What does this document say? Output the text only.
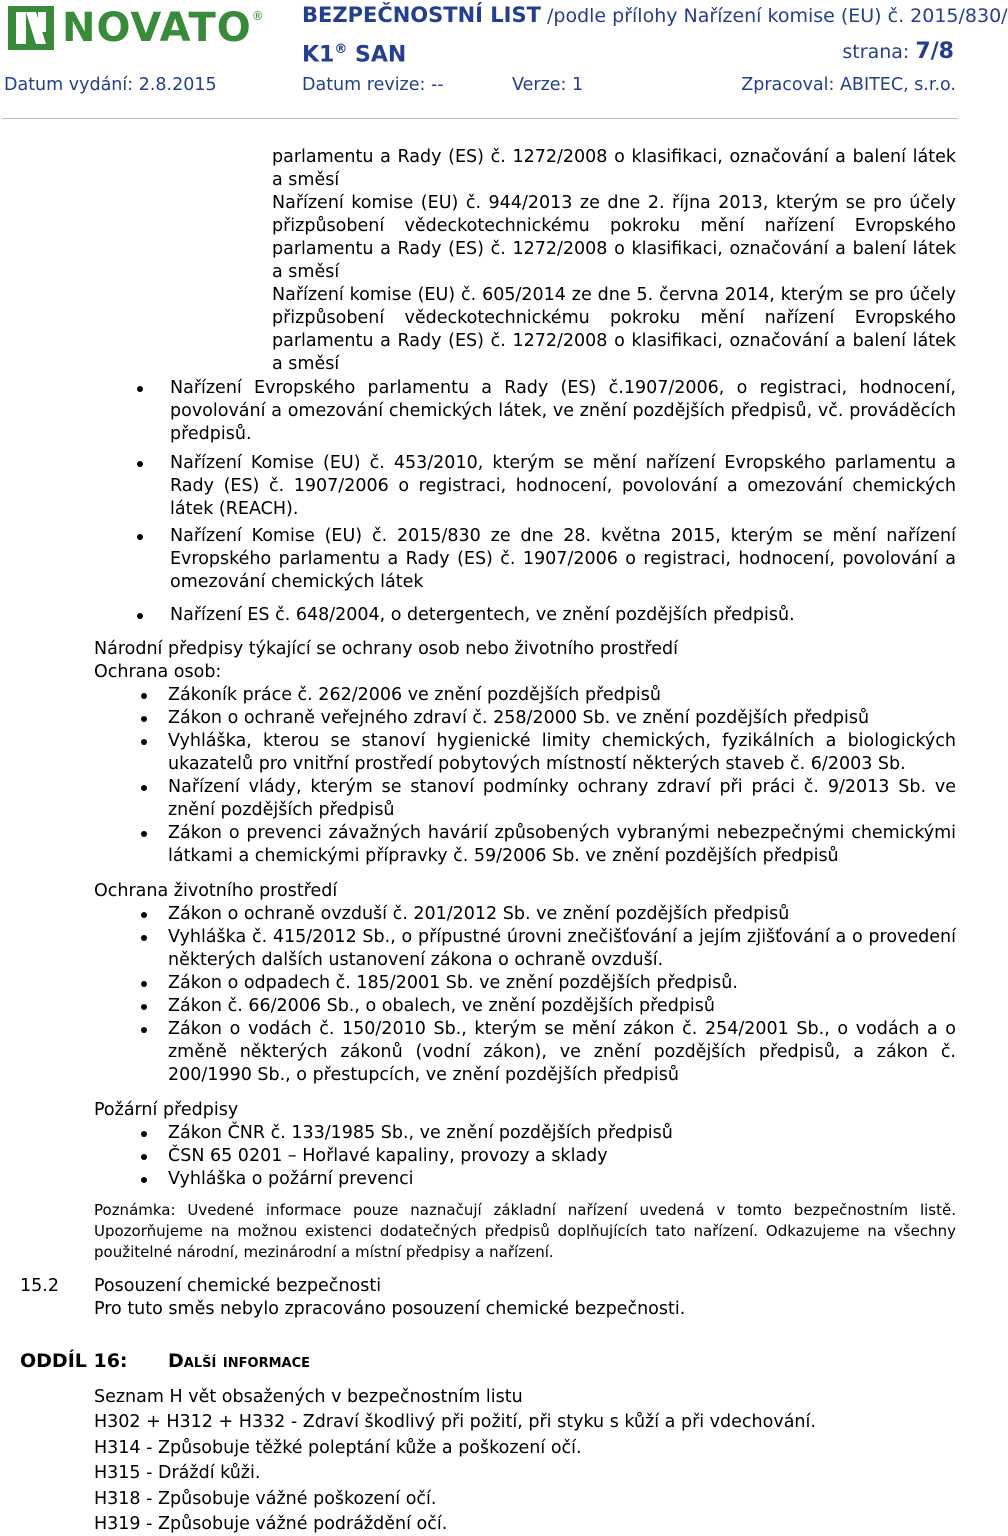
NOVATO ® BEZPEČNOSTNÍ LIST /podle přílohy Nařízení komise (EU) č. 2015/830/
K1® SAN	strana: 7/8
Datum vydání: 2.8.2015	Datum revize: --	Verze: 1	Zpracoval: ABITEC, s.r.o.

parlamentu a Rady (ES) č. 1272/2008 o klasifikaci, označování a balení látek a směsí

Nařízení komise (EU) č. 944/2013 ze dne 2. října 2013, kterým se pro účely přizpůsobení vědeckotechnickému pokroku mění nařízení Evropského parlamentu a Rady (ES) č. 1272/2008 o klasifikaci, označování a balení látek a směsí

Nařízení komise (EU) č. 605/2014 ze dne 5. června 2014, kterým se pro účely přizpůsobení vědeckotechnickému pokroku mění nařízení Evropského parlamentu a Rady (ES) č. 1272/2008 o klasifikaci, označování a balení látek a směsí

Nařízení Evropského parlamentu a Rady (ES) č.1907/2006, o registraci, hodnocení, povolování a omezování chemických látek, ve znění pozdějších předpisů, vč. prováděcích předpisů.
Nařízení Komise (EU) č. 453/2010, kterým se mění nařízení Evropského parlamentu a Rady (ES) č. 1907/2006 o registraci, hodnocení, povolování a omezování chemických látek (REACH).
Nařízení Komise (EU) č. 2015/830 ze dne 28. května 2015, kterým se mění nařízení Evropského parlamentu a Rady (ES) č. 1907/2006 o registraci, hodnocení, povolování a omezování chemických látek
Nařízení ES č. 648/2004, o detergentech, ve znění pozdějších předpisů.
Národní předpisy týkající se ochrany osob nebo životního prostředí
Ochrana osob:
Zákoník práce č. 262/2006 ve znění pozdějších předpisů
Zákon o ochraně veřejného zdraví č. 258/2000 Sb. ve znění pozdějších předpisů
Vyhláška, kterou se stanoví hygienické limity chemických, fyzikálních a biologických ukazatelů pro vnitřní prostředí pobytových místností některých staveb č. 6/2003 Sb.
Nařízení vlády, kterým se stanoví podmínky ochrany zdraví při práci č. 9/2013 Sb. ve znění pozdějších předpisů
Zákon o prevenci závažných havárií způsobených vybranými nebezpečnými chemickými látkami a chemickými přípravky č. 59/2006 Sb. ve znění pozdějších předpisů
Ochrana životního prostředí
Zákon o ochraně ovzduší č. 201/2012 Sb. ve znění pozdějších předpisů
Vyhláška č. 415/2012 Sb., o přípustné úrovni znečišťování a jejím zjišťování a o provedení některých dalších ustanovení zákona o ochraně ovzduší.
Zákon o odpadech č. 185/2001 Sb. ve znění pozdějších předpisů.
Zákon č. 66/2006 Sb., o obalech, ve znění pozdějších předpisů
Zákon o vodách č. 150/2010 Sb., kterým se mění zákon č. 254/2001 Sb., o vodách a o změně některých zákonů (vodní zákon), ve znění pozdějších předpisů, a zákon č. 200/1990 Sb., o přestupcích, ve znění pozdějších předpisů
Požární předpisy
Zákon ČNR č. 133/1985 Sb., ve znění pozdějších předpisů
ČSN 65 0201 – Hořlavé kapaliny, provozy a sklady
Vyhláška o požární prevenci
Poznámka: Uvedené informace pouze naznačují základní nařízení uvedená v tomto bezpečnostním listě. Upozorňujeme na možnou existenci dodatečných předpisů doplňujících tato nařízení. Odkazujeme na všechny použitelné národní, mezinárodní a místní předpisy a nařízení.
15.2 Posouzení chemické bezpečnosti
Pro tuto směs nebylo zpracováno posouzení chemické bezpečnosti.
ODDÍL 16: Další informace
Seznam H vět obsažených v bezpečnostním listu
H302 + H312 + H332 - Zdraví škodlivý při požití, při styku s kůží a při vdechování.
H314 - Způsobuje těžké poleptání kůže a poškození očí.
H315 - Dráždí kůži.
H318 - Způsobuje vážné poškození očí.
H319 - Způsobuje vážné podráždění očí.
